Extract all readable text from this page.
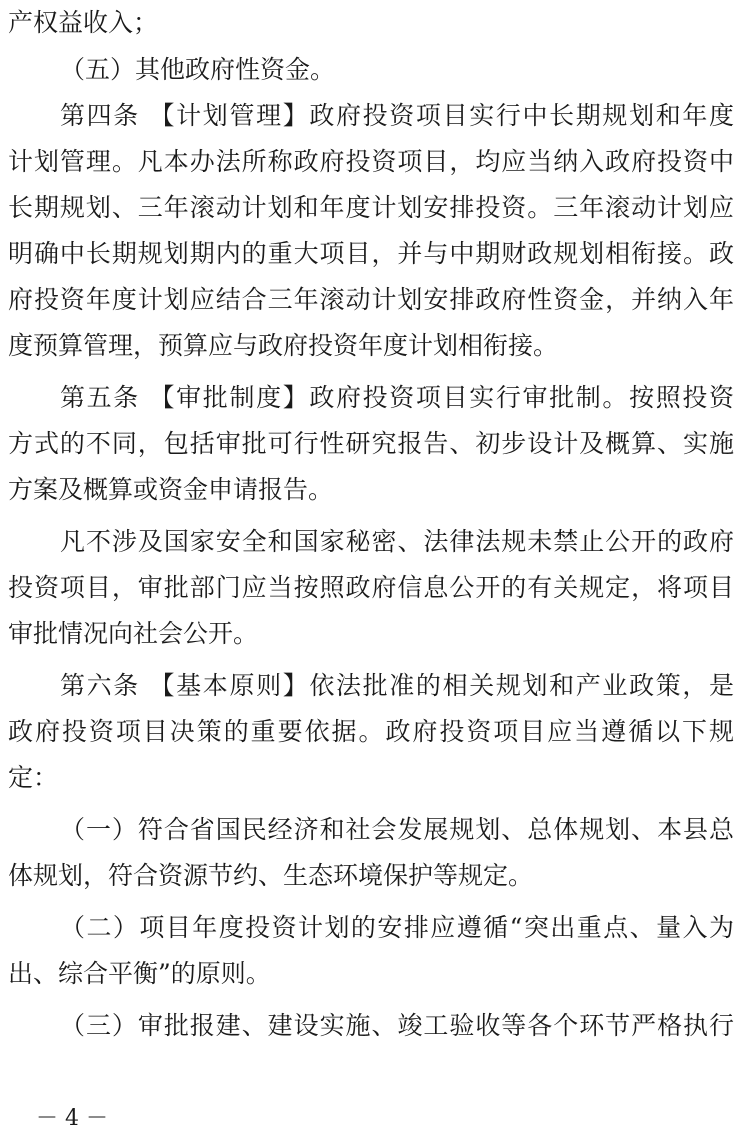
产权益收入；
（五）其他政府性资金。
第四条 【计划管理】政府投资项目实行中长期规划和年度
计划管理。凡本办法所称政府投资项目，均应当纳入政府投资中
长期规划、三年滚动计划和年度计划安排投资。三年滚动计划应
明确中长期规划期内的重大项目，并与中期财政规划相衔接。政
府投资年度计划应结合三年滚动计划安排政府性资金，并纳入年
度预算管理，预算应与政府投资年度计划相衔接。
第五条 【审批制度】政府投资项目实行审批制。按照投资
方式的不同，包括审批可行性研究报告、初步设计及概算、实施
方案及概算或资金申请报告。
凡不涉及国家安全和国家秘密、法律法规未禁止公开的政府
投资项目，审批部门应当按照政府信息公开的有关规定，将项目
审批情况向社会公开。
第六条 【基本原则】依法批准的相关规划和产业政策，是
政府投资项目决策的重要依据。政府投资项目应当遵循以下规
定：
（一）符合省国民经济和社会发展规划、总体规划、本县总
体规划，符合资源节约、生态环境保护等规定。
（二）项目年度投资计划的安排应遵循“突出重点、量入为
出、综合平衡”的原则。
（三）审批报建、建设实施、竣工验收等各个环节严格执行
－ 4 －
